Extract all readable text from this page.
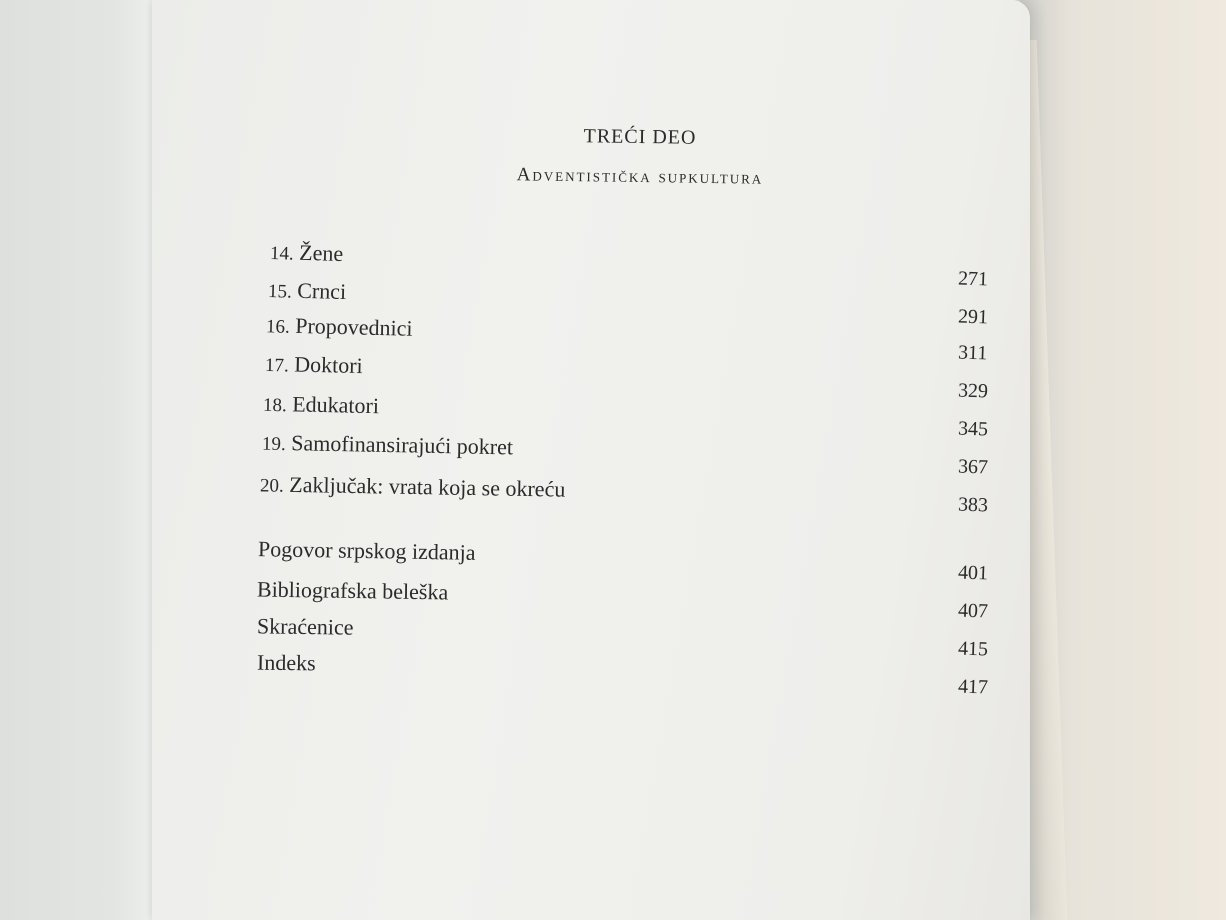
TREĆI DEO
Adventistička supkultura
14. Žene
15. Crnci
16. Propovednici
17. Doktori
18. Edukatori
19. Samofinansirajući pokret
20. Zaključak: vrata koja se okreću
271
291
311
329
345
367
383
Pogovor srpskog izdanja
Bibliografska beleška
Skraćenice
Indeks
401
407
415
417
